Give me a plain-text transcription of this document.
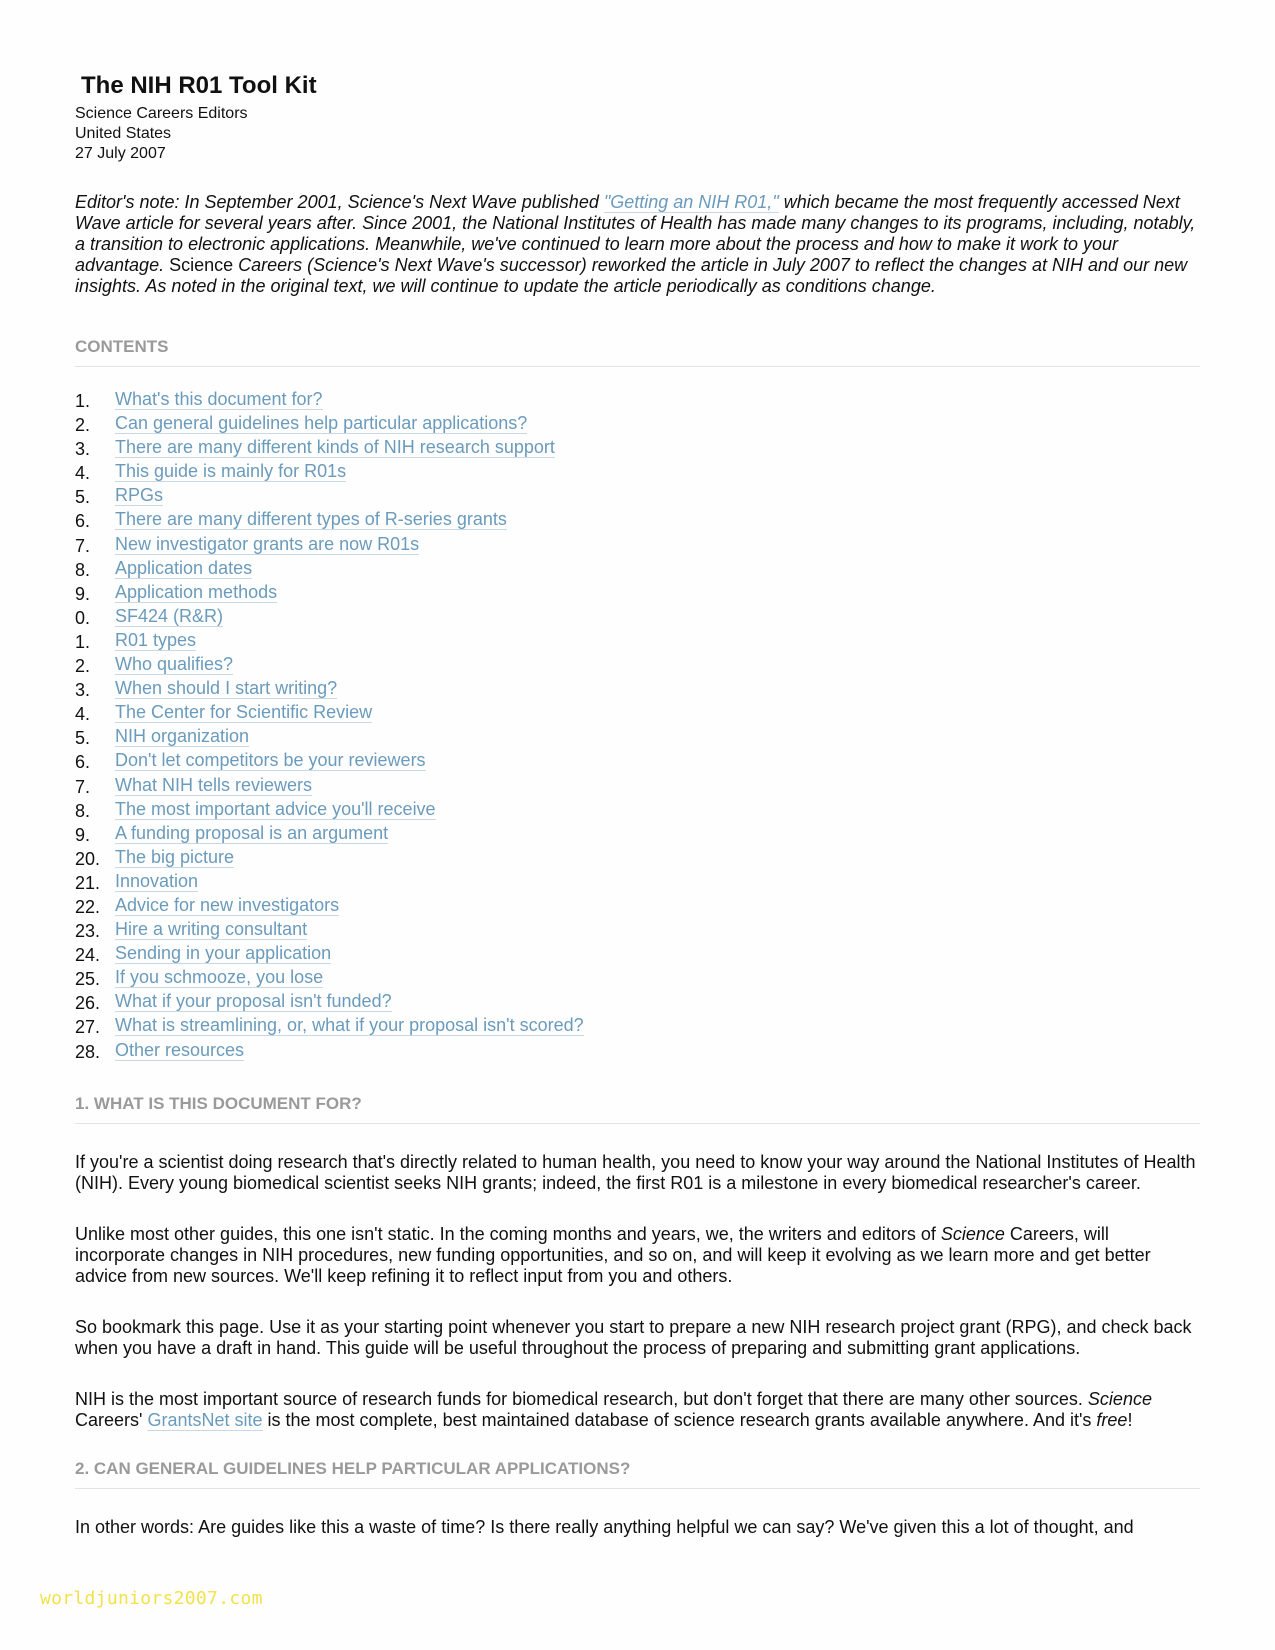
The NIH R01 Tool Kit
Science Careers Editors
United States
27 July 2007
Editor's note: In September 2001, Science's Next Wave published "Getting an NIH R01," which became the most frequently accessed Next Wave article for several years after. Since 2001, the National Institutes of Health has made many changes to its programs, including, notably, a transition to electronic applications. Meanwhile, we've continued to learn more about the process and how to make it work to your advantage. Science Careers (Science's Next Wave's successor) reworked the article in July 2007 to reflect the changes at NIH and our new insights. As noted in the original text, we will continue to update the article periodically as conditions change.
CONTENTS
1.	What's this document for?
2.	Can general guidelines help particular applications?
3.	There are many different kinds of NIH research support
4.	This guide is mainly for R01s
5.	RPGs
6.	There are many different types of R-series grants
7.	New investigator grants are now R01s
8.	Application dates
9.	Application methods
0.	SF424 (R&R)
1.	R01 types
2.	Who qualifies?
3.	When should I start writing?
4.	The Center for Scientific Review
5.	NIH organization
6.	Don't let competitors be your reviewers
7.	What NIH tells reviewers
8.	The most important advice you'll receive
9.	A funding proposal is an argument
20. The big picture
21. Innovation
22. Advice for new investigators
23. Hire a writing consultant
24. Sending in your application
25. If you schmooze, you lose
26. What if your proposal isn't funded?
27. What is streamlining, or, what if your proposal isn't scored?
28. Other resources
1. WHAT IS THIS DOCUMENT FOR?

If you're a scientist doing research that's directly related to human health, you need to know your way around the National Institutes of Health (NIH). Every young biomedical scientist seeks NIH grants; indeed, the first R01 is a milestone in every biomedical researcher's career.

Unlike most other guides, this one isn't static. In the coming months and years, we, the writers and editors of Science Careers, will incorporate changes in NIH procedures, new funding opportunities, and so on, and will keep it evolving as we learn more and get better advice from new sources. We'll keep refining it to reflect input from you and others.

So bookmark this page. Use it as your starting point whenever you start to prepare a new NIH research project grant (RPG), and check back when you have a draft in hand. This guide will be useful throughout the process of preparing and submitting grant applications.

NIH is the most important source of research funds for biomedical research, but don't forget that there are many other sources. Science Careers' GrantsNet site is the most complete, best maintained database of science research grants available anywhere. And it's free!

2. CAN GENERAL GUIDELINES HELP PARTICULAR APPLICATIONS?

In other words: Are guides like this a waste of time? Is there really anything helpful we can say? We've given this a lot of thought, and

worldjuniors2007.com
